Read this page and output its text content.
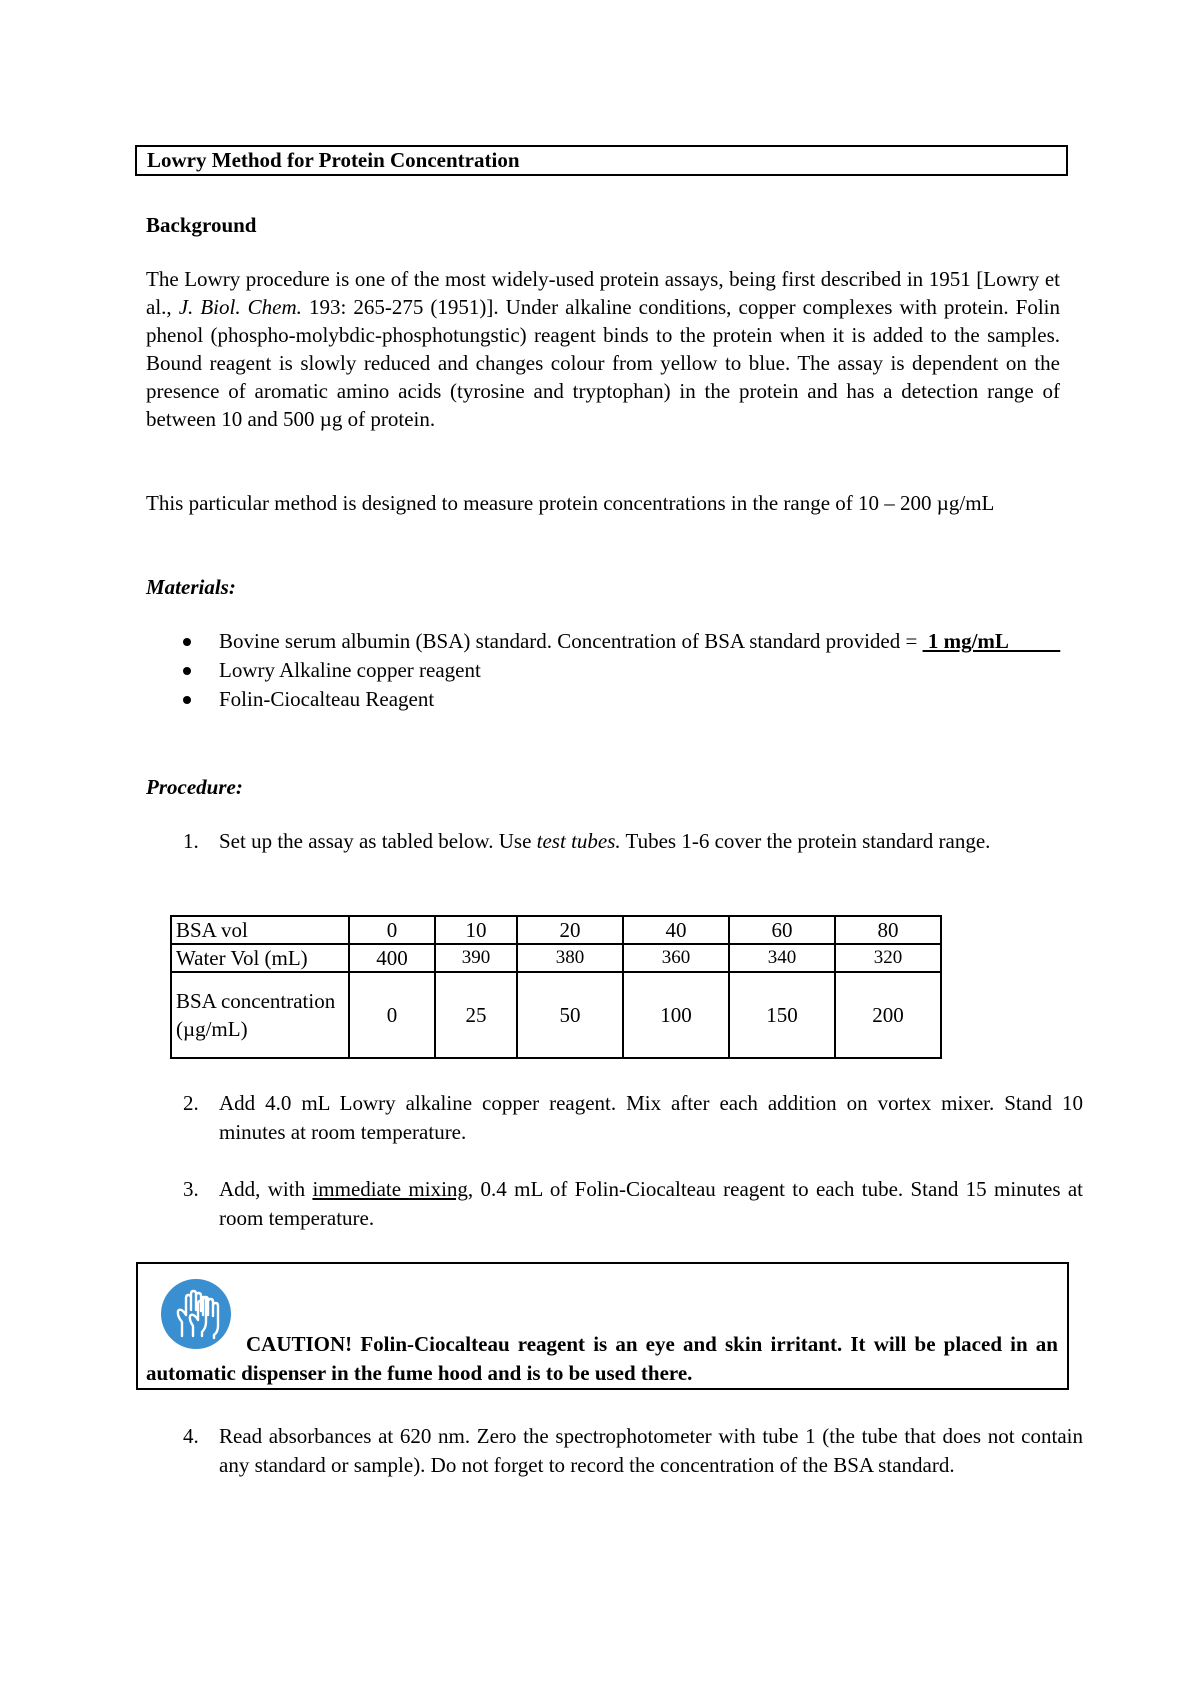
Lowry Method for Protein Concentration
Background
The Lowry procedure is one of the most widely-used protein assays, being first described in 1951 [Lowry et al., J. Biol. Chem. 193: 265-275 (1951)]. Under alkaline conditions, copper complexes with protein. Folin phenol (phospho-molybdic-phosphotungstic) reagent binds to the protein when it is added to the samples. Bound reagent is slowly reduced and changes colour from yellow to blue. The assay is dependent on the presence of aromatic amino acids (tyrosine and tryptophan) in the protein and has a detection range of between 10 and 500 µg of protein.
This particular method is designed to measure protein concentrations in the range of 10 – 200 µg/mL
Materials:
Bovine serum albumin (BSA) standard. Concentration of BSA standard provided =  1 mg/mL
Lowry Alkaline copper reagent
Folin-Ciocalteau Reagent
Procedure:
1. Set up the assay as tabled below. Use test tubes. Tubes 1-6 cover the protein standard range.
BSA vol	0	10	20	40	60	80
Water Vol (mL)	400	390	380	360	340	320
BSA concentration (µg/mL)	0	25	50	100	150	200
2. Add 4.0 mL Lowry alkaline copper reagent. Mix after each addition on vortex mixer. Stand 10 minutes at room temperature.
3. Add, with immediate mixing, 0.4 mL of Folin-Ciocalteau reagent to each tube. Stand 15 minutes at room temperature.
CAUTION! Folin-Ciocalteau reagent is an eye and skin irritant. It will be placed in an automatic dispenser in the fume hood and is to be used there.
4. Read absorbances at 620 nm. Zero the spectrophotometer with tube 1 (the tube that does not contain any standard or sample). Do not forget to record the concentration of the BSA standard.
